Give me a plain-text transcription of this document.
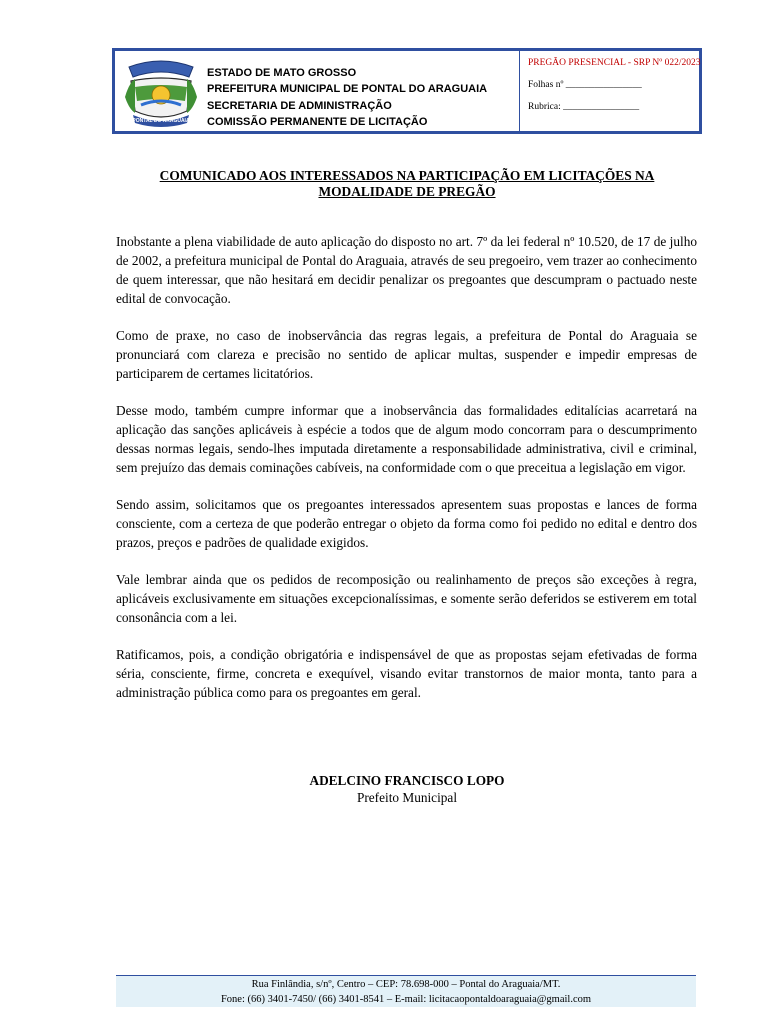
PONTAL DO ARAGUAIA
ESTADO DE MATO GROSSO
PREFEITURA MUNICIPAL DE PONTAL DO ARAGUAIA
SECRETARIA DE ADMINISTRAÇÃO
COMISSÃO PERMANENTE DE LICITAÇÃO
PREGÃO PRESENCIAL - SRP Nº 022/2023
Folhas nº ________________
Rubrica: ________________
COMUNICADO AOS INTERESSADOS NA PARTICIPAÇÃO EM LICITAÇÕES NA
MODALIDADE DE PREGÃO

Inobstante a plena viabilidade de auto aplicação do disposto no art. 7º da lei federal nº 10.520, de 17 de julho de 2002, a prefeitura municipal de Pontal do Araguaia, através de seu pregoeiro, vem trazer ao conhecimento de quem interessar, que não hesitará em decidir penalizar os pregoantes que descumpram o pactuado neste edital de convocação.

Como de praxe, no caso de inobservância das regras legais, a prefeitura de Pontal do Araguaia se pronunciará com clareza e precisão no sentido de aplicar multas, suspender e impedir empresas de participarem de certames licitatórios.

Desse modo, também cumpre informar que a inobservância das formalidades editalícias acarretará na aplicação das sanções aplicáveis à espécie a todos que de algum modo concorram para o descumprimento dessas normas legais, sendo-lhes imputada diretamente a responsabilidade administrativa, civil e criminal, sem prejuízo das demais cominações cabíveis, na conformidade com o que preceitua a legislação em vigor.

Sendo assim, solicitamos que os pregoantes interessados apresentem suas propostas e lances de forma consciente, com a certeza de que poderão entregar o objeto da forma como foi pedido no edital e dentro dos prazos, preços e padrões de qualidade exigidos.

Vale lembrar ainda que os pedidos de recomposição ou realinhamento de preços são exceções à regra, aplicáveis exclusivamente em situações excepcionalíssimas, e somente serão deferidos se estiverem em total consonância com a lei.

Ratificamos, pois, a condição obrigatória e indispensável de que as propostas sejam efetivadas de forma séria, consciente, firme, concreta e exequível, visando evitar transtornos de maior monta, tanto para a administração pública como para os pregoantes em geral.

ADELCINO FRANCISCO LOPO
Prefeito Municipal
Rua Finlândia, s/nº, Centro – CEP: 78.698-000 – Pontal do Araguaia/MT.
Fone: (66) 3401-7450/ (66) 3401-8541 – E-mail: licitacaopontaldoaraguaia@gmail.com
